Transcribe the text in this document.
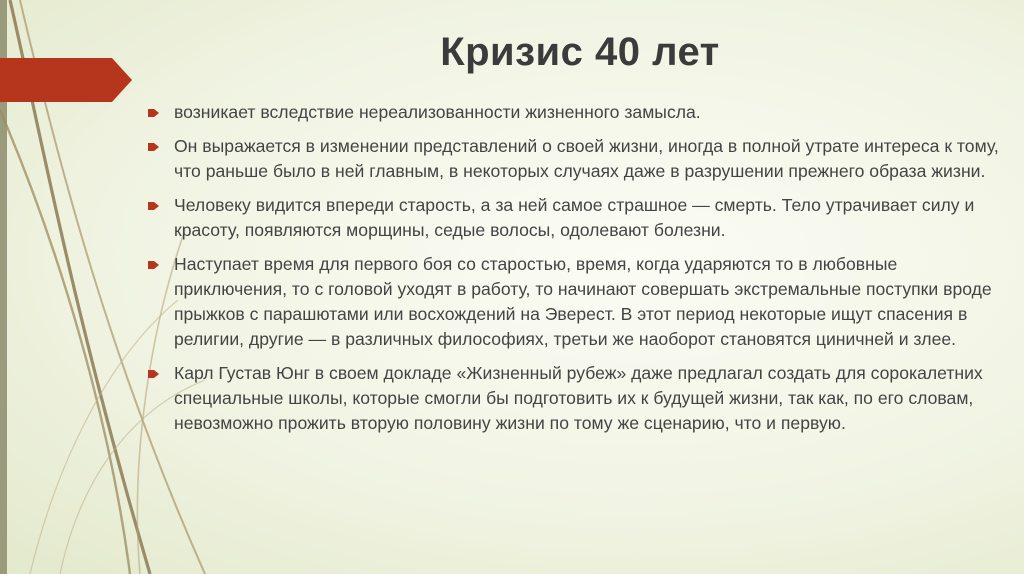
Кризис 40 лет
возникает вследствие нереализованности жизненного замысла.
Он выражается в изменении представлений о своей жизни, иногда в полной утрате интереса к тому, что раньше было в ней главным, в некоторых случаях даже в разрушении прежнего образа жизни.
Человеку видится впереди старость, а за ней самое страшное — смерть. Тело утрачивает силу и красоту, появляются морщины, седые волосы, одолевают болезни.
Наступает время для первого боя со старостью, время, когда ударяются то в любовные приключения, то с головой уходят в работу, то начинают совершать экстремальные поступки вроде прыжков с парашютами или восхождений на Эверест. В этот период некоторые ищут спасения в религии, другие — в различных философиях, третьи же наоборот становятся циничней и злее.
Карл Густав Юнг в своем докладе «Жизненный рубеж» даже предлагал создать для сорокалетних специальные школы, которые смогли бы подготовить их к будущей жизни, так как, по его словам, невозможно прожить вторую половину жизни по тому же сценарию, что и первую.
